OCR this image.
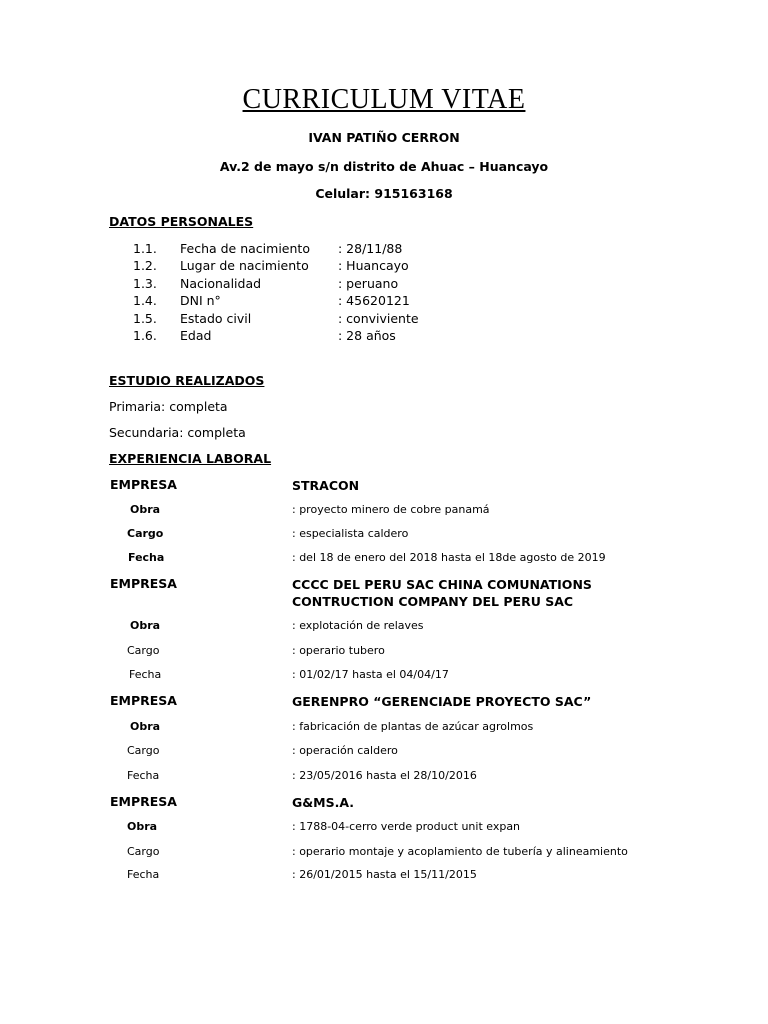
CURRICULUM VITAE
IVAN PATIÑO CERRON
Av.2 de mayo s/n distrito de Ahuac – Huancayo
Celular: 915163168
DATOS PERSONALES
1.1. Fecha de nacimiento : 28/11/88
1.2. Lugar de nacimiento : Huancayo
1.3. Nacionalidad	: peruano
1.4. DNI n°	: 45620121
1.5. Estado civil	: conviviente
1.6. Edad	: 28 años
ESTUDIO REALIZADOS
Primaria: completa
Secundaria: completa
EXPERIENCIA LABORAL
EMPRESA	STRACON
Obra	: proyecto minero de cobre panamá
Cargo	: especialista caldero
Fecha	: del 18 de enero del 2018 hasta el 18de agosto de 2019
EMPRESA	CCCC DEL PERU SAC CHINA COMUNATIONS CONTRUCTION COMPANY DEL PERU SAC
Obra	: explotación de relaves
Cargo	: operario tubero
Fecha	: 01/02/17 hasta el 04/04/17
EMPRESA	GERENPRO “GERENCIADE PROYECTO SAC”
Obra	: fabricación de plantas de azúcar agrolmos
Cargo	: operación caldero
Fecha	: 23/05/2016 hasta el 28/10/2016
EMPRESA	G&MS.A.
Obra	: 1788-04-cerro verde product unit expan
Cargo	: operario montaje y acoplamiento de tubería y alineamiento
Fecha	: 26/01/2015 hasta el 15/11/2015
